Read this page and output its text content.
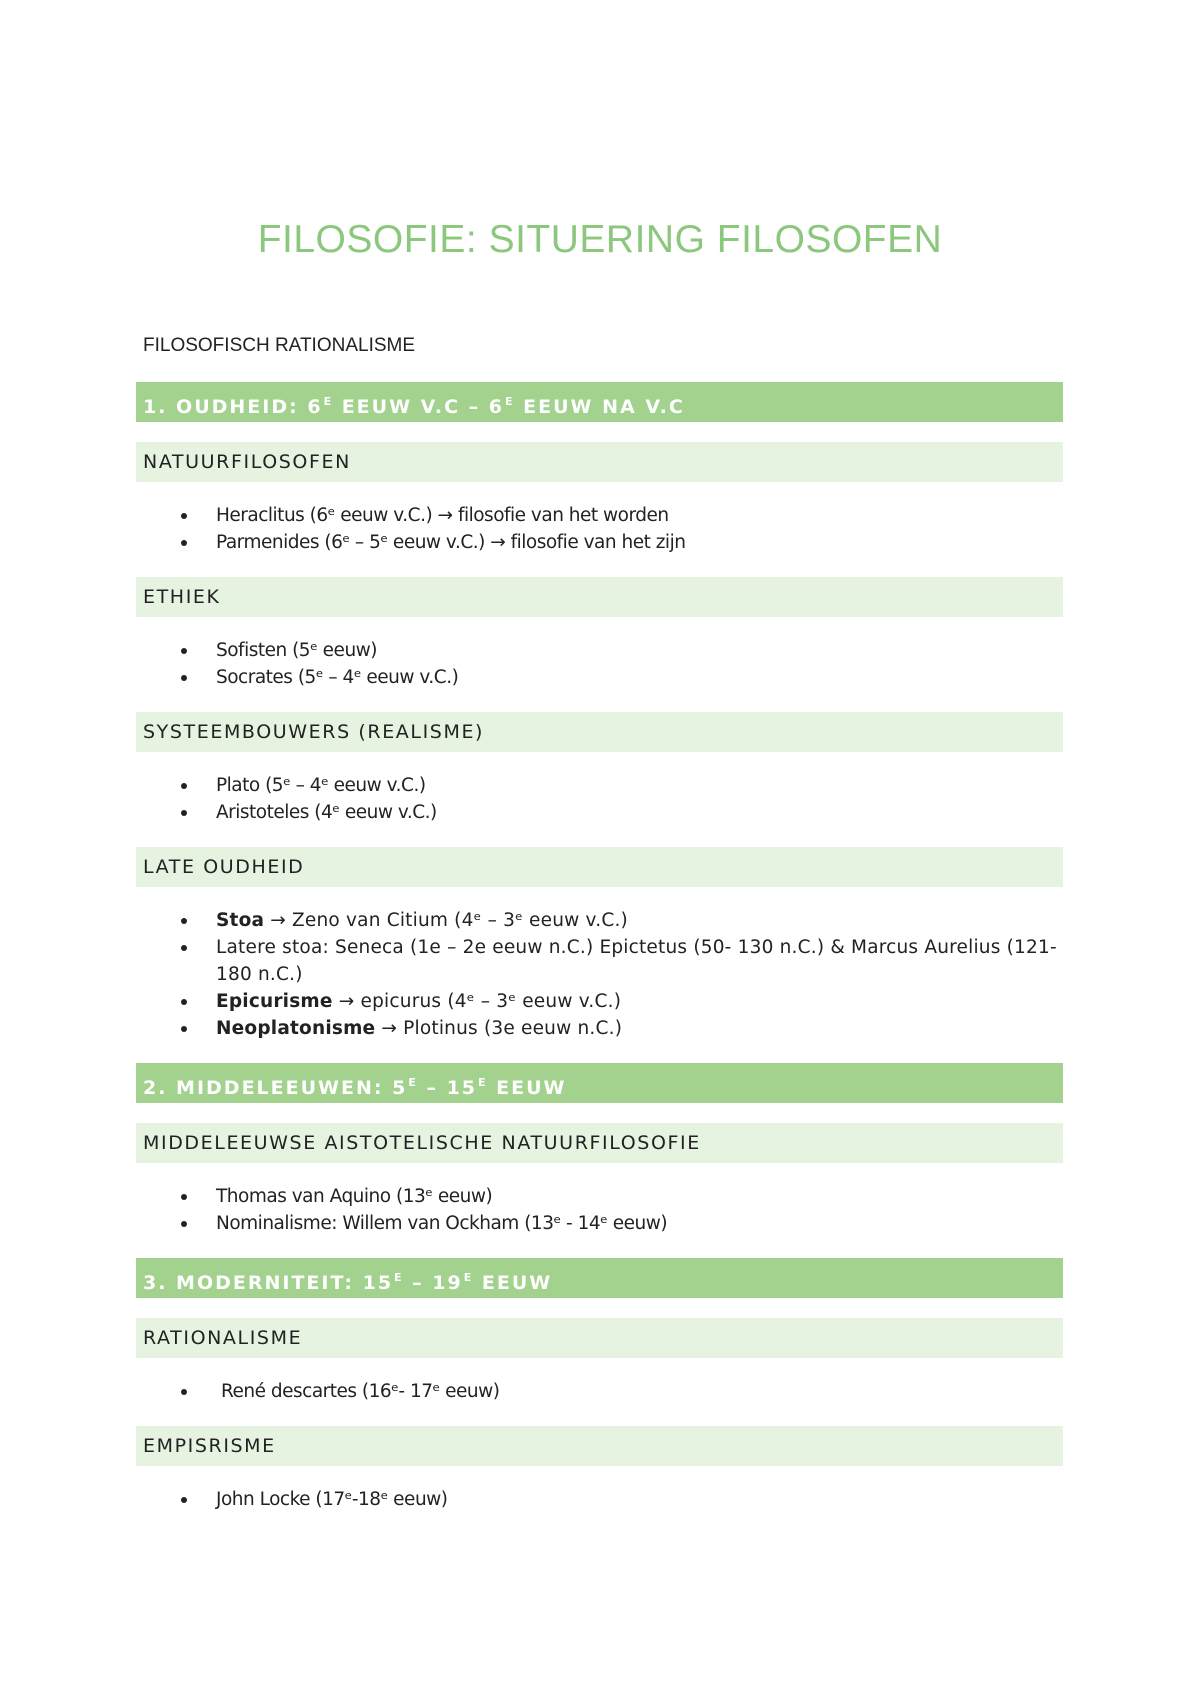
FILOSOFIE: SITUERING FILOSOFEN
FILOSOFISCH RATIONALISME
1. OUDHEID: $6^E$ EEUW $V.C - 6^E$ EEUW NA V.C
NATUURFILOSOFEN
Heraclitus (6ᵉ eeuw v.C.) → filosofie van het worden
Parmenides (6ᵉ – 5ᵉ eeuw v.C.) → filosofie van het zijn
ETHIEK
Sofisten (5ᵉ eeuw)
Socrates (5ᵉ – 4ᵉ eeuw v.C.)
SYSTEEMBOUWERS (REALISME)
Plato (5ᵉ – 4ᵉ eeuw v.C.)
Aristoteles (4ᵉ eeuw v.C.)
LATE OUDHEID
Stoa → Zeno van Citium (4ᵉ – 3ᵉ eeuw v.C.)
Latere stoa: Seneca (1e – 2e eeuw n.C.) Epictetus (50- 130 n.C.) & Marcus Aurelius (121-180 n.C.)
Epicurisme → epicurus (4ᵉ – 3ᵉ eeuw v.C.)
Neoplatonisme → Plotinus (3e eeuw n.C.)
2. MIDDELEEUWEN: $5^E - 15^E$ EEUW
MIDDELEEUWSE AISTOTELISCHE NATUURFILOSOFIE
Thomas van Aquino (13ᵉ eeuw)
Nominalisme: Willem van Ockham (13ᵉ - 14ᵉ eeuw)
3. MODERNITEIT: $15^E - 19^E$ EEUW
RATIONALISME
René descartes (16ᵉ- 17ᵉ eeuw)
EMPISRISME
John Locke (17ᵉ-18ᵉ eeuw)
